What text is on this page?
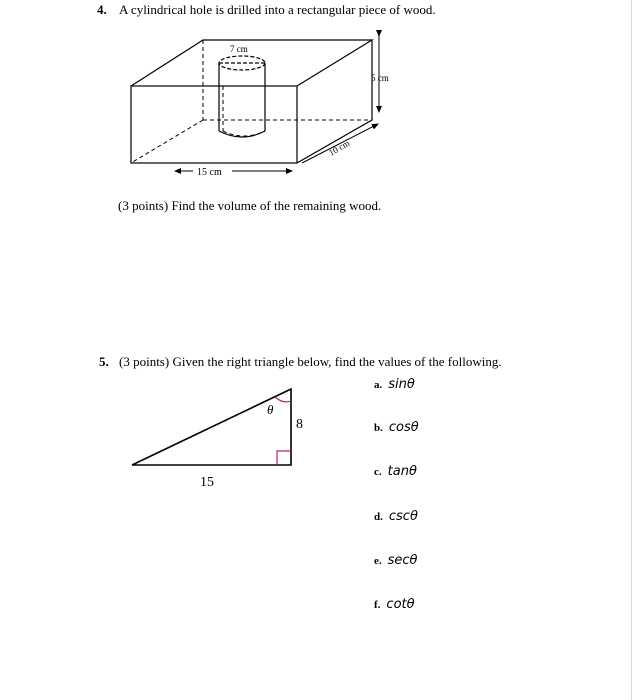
4. A cylindrical hole is drilled into a rectangular piece of wood.
7 cm
5 cm
10 cm
15 cm
(3 points) Find the volume of the remaining wood.
5. (3 points) Given the right triangle below, find the values of the following.
θ
8
15
a. sinθ
b. cosθ
c. tanθ
d. cscθ
e. secθ
f. cotθ
